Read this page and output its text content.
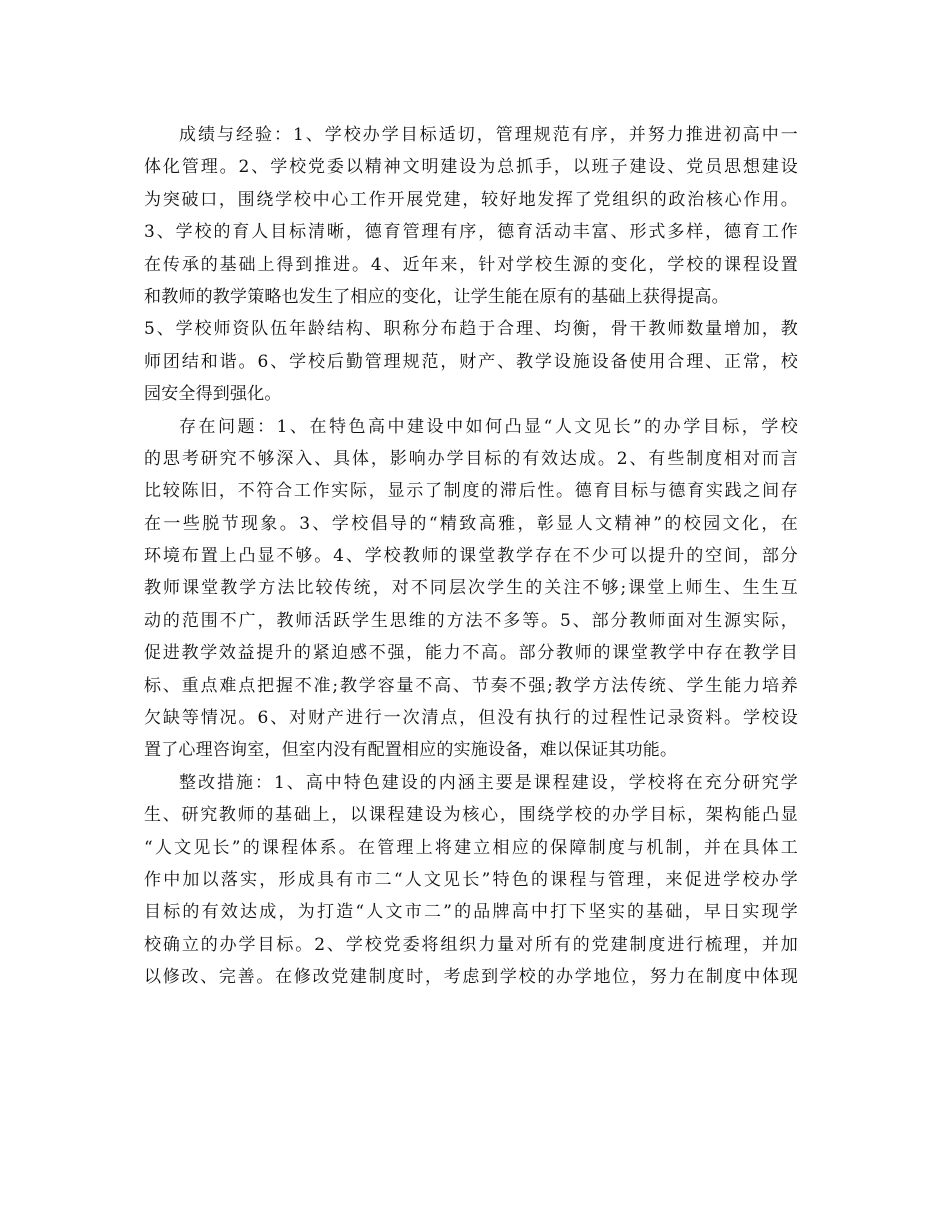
成绩与经验：1、学校办学目标适切，管理规范有序，并努力推进初高中一
体化管理。2、学校党委以精神文明建设为总抓手，以班子建设、党员思想建设
为突破口，围绕学校中心工作开展党建，较好地发挥了党组织的政治核心作用。
3、学校的育人目标清晰，德育管理有序，德育活动丰富、形式多样，德育工作
在传承的基础上得到推进。4、近年来，针对学校生源的变化，学校的课程设置
和教师的教学策略也发生了相应的变化，让学生能在原有的基础上获得提高。
5、学校师资队伍年龄结构、职称分布趋于合理、均衡，骨干教师数量增加，教
师团结和谐。6、学校后勤管理规范，财产、教学设施设备使用合理、正常，校
园安全得到强化。
存在问题：1、在特色高中建设中如何凸显“人文见长”的办学目标，学校
的思考研究不够深入、具体，影响办学目标的有效达成。2、有些制度相对而言
比较陈旧，不符合工作实际，显示了制度的滞后性。德育目标与德育实践之间存
在一些脱节现象。3、学校倡导的“精致高雅，彰显人文精神”的校园文化，在
环境布置上凸显不够。4、学校教师的课堂教学存在不少可以提升的空间，部分
教师课堂教学方法比较传统，对不同层次学生的关注不够;课堂上师生、生生互
动的范围不广，教师活跃学生思维的方法不多等。5、部分教师面对生源实际，
促进教学效益提升的紧迫感不强，能力不高。部分教师的课堂教学中存在教学目
标、重点难点把握不准;教学容量不高、节奏不强;教学方法传统、学生能力培养
欠缺等情况。6、对财产进行一次清点，但没有执行的过程性记录资料。学校设
置了心理咨询室，但室内没有配置相应的实施设备，难以保证其功能。
整改措施：1、高中特色建设的内涵主要是课程建设，学校将在充分研究学
生、研究教师的基础上，以课程建设为核心，围绕学校的办学目标，架构能凸显
“人文见长”的课程体系。在管理上将建立相应的保障制度与机制，并在具体工
作中加以落实，形成具有市二“人文见长”特色的课程与管理，来促进学校办学
目标的有效达成，为打造“人文市二”的品牌高中打下坚实的基础，早日实现学
校确立的办学目标。2、学校党委将组织力量对所有的党建制度进行梳理，并加
以修改、完善。在修改党建制度时，考虑到学校的办学地位，努力在制度中体现
